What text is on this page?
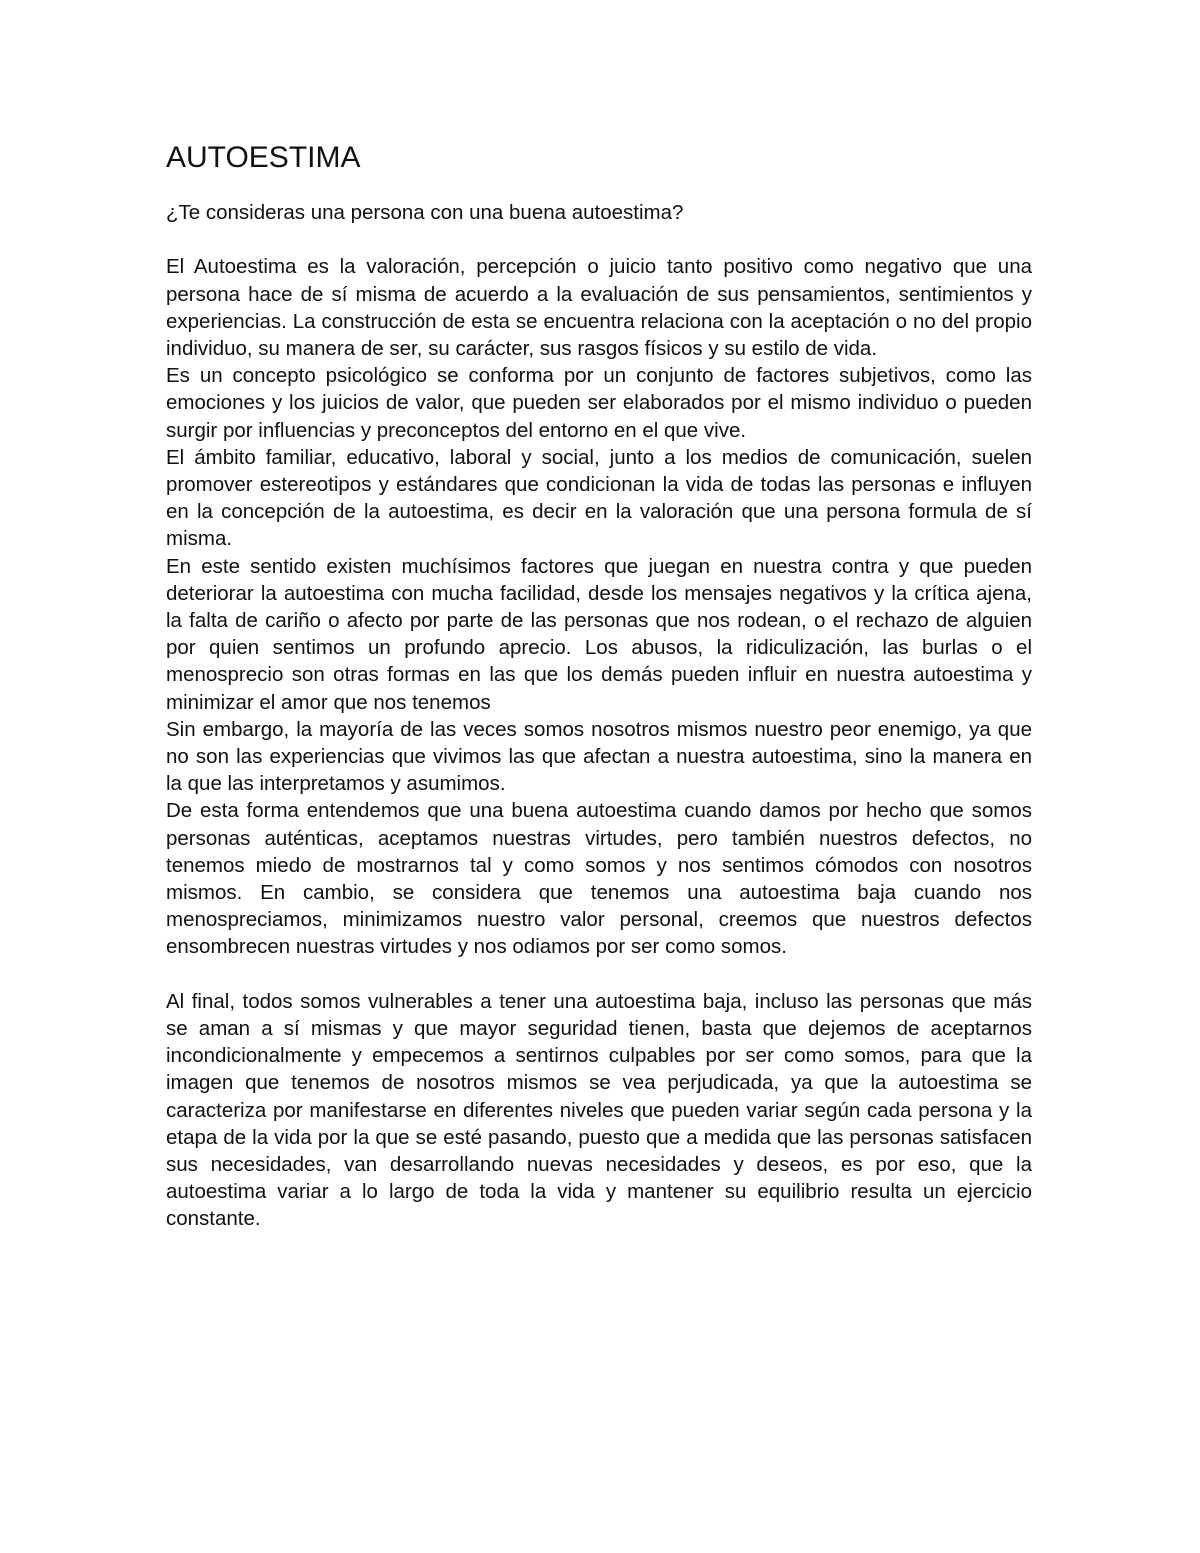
AUTOESTIMA

¿Te consideras una persona con una buena autoestima?

El Autoestima es la valoración, percepción o juicio tanto positivo como negativo que una persona hace de sí misma de acuerdo a la evaluación de sus pensamientos, sentimientos y experiencias. La construcción de esta se encuentra relaciona con la aceptación o no del propio individuo, su manera de ser, su carácter, sus rasgos físicos y su estilo de vida.

Es un concepto psicológico se conforma por un conjunto de factores subjetivos, como las emociones y los juicios de valor, que pueden ser elaborados por el mismo individuo o pueden surgir por influencias y preconceptos del entorno en el que vive.

El ámbito familiar, educativo, laboral y social, junto a los medios de comunicación, suelen promover estereotipos y estándares que condicionan la vida de todas las personas e influyen en la concepción de la autoestima, es decir en la valoración que una persona formula de sí misma.

En este sentido existen muchísimos factores que juegan en nuestra contra y que pueden deteriorar la autoestima con mucha facilidad, desde los mensajes negativos y la crítica ajena, la falta de cariño o afecto por parte de las personas que nos rodean, o el rechazo de alguien por quien sentimos un profundo aprecio. Los abusos, la ridiculización, las burlas o el menosprecio son otras formas en las que los demás pueden influir en nuestra autoestima y minimizar el amor que nos tenemos

Sin embargo, la mayoría de las veces somos nosotros mismos nuestro peor enemigo, ya que no son las experiencias que vivimos las que afectan a nuestra autoestima, sino la manera en la que las interpretamos y asumimos.

De esta forma entendemos que una buena autoestima cuando damos por hecho que somos personas auténticas, aceptamos nuestras virtudes, pero también nuestros defectos, no tenemos miedo de mostrarnos tal y como somos y nos sentimos cómodos con nosotros mismos. En cambio, se considera que tenemos una autoestima baja cuando nos menospreciamos, minimizamos nuestro valor personal, creemos que nuestros defectos ensombrecen nuestras virtudes y nos odiamos por ser como somos.

Al final, todos somos vulnerables a tener una autoestima baja, incluso las personas que más se aman a sí mismas y que mayor seguridad tienen, basta que dejemos de aceptarnos incondicionalmente y empecemos a sentirnos culpables por ser como somos, para que la imagen que tenemos de nosotros mismos se vea perjudicada, ya que la autoestima se caracteriza por manifestarse en diferentes niveles que pueden variar según cada persona y la etapa de la vida por la que se esté pasando, puesto que a medida que las personas satisfacen sus necesidades, van desarrollando nuevas necesidades y deseos, es por eso, que la autoestima variar a lo largo de toda la vida y mantener su equilibrio resulta un ejercicio constante.
